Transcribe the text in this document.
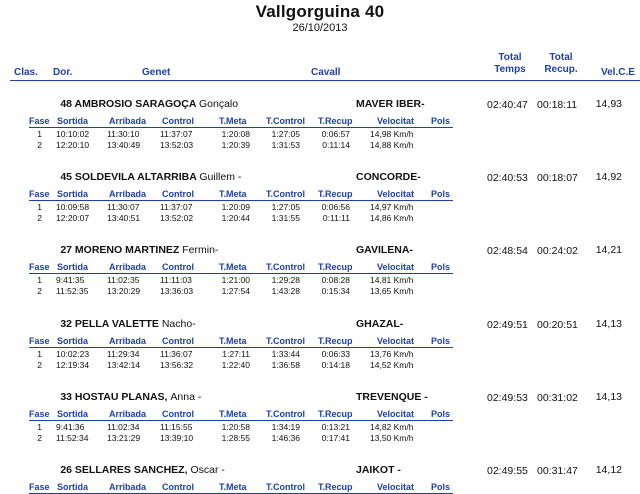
Vallgorguina 40
26/10/2013
Clas. Dor.	Genet	Cavall
Total
Temps
Total
Recup.	Vel.C.E
48 AMBROSIO SARAGOÇA Gonçalo	MAVER IBER-	02:40:47 00:18:11 14,93
Fase Sortida Arribada Control	T.Meta T.Control T.Recup	Velocitat Pols
1 10:10:02	11:30:10	11:37:07	1:20:08	1:27:05	0:06:57 14,98 Km/h
2 12:20:10	13:40:49	13:52:03	1:20:39	1:31:53	0:11:14 14,88 Km/h
45 SOLDEVILA ALTARRIBA Guillem -	CONCORDE-	02:40:53 00:18:07 14,92
Fase Sortida Arribada Control	T.Meta T.Control T.Recup	Velocitat Pols
1 10:09:58	11:30:07	11:37:07	1:20:09	1:27:05	0:06:56 14,97 Km/h
2 12:20:07	13:40:51	13:52:02	1:20:44	1:31:55	0:11:11 14,86 Km/h
27 MORENO MARTINEZ Fermin-	GAVILENA-	02:48:54 00:24:02 14,21
Fase Sortida Arribada Control	T.Meta T.Control T.Recup	Velocitat Pols
1 9:41:35	11:02:35	11:11:03	1:21:00	1:29:28	0:08:28 14,81 Km/h
2 11:52:35	13:20:29	13:36:03	1:27:54	1:43:28	0:15:34 13,65 Km/h
32 PELLA VALETTE Nacho-	GHAZAL-	02:49:51 00:20:51 14,13
Fase Sortida Arribada Control	T.Meta T.Control T.Recup	Velocitat Pols
1 10:02:23	11:29:34	11:36:07	1:27:11	1:33:44	0:06:33 13,76 Km/h
2 12:19:34	13:42:14	13:56:32	1:22:40	1:36:58	0:14:18 14,52 Km/h
33 HOSTAU PLANAS, Anna -	TREVENQUE -	02:49:53 00:31:02 14,13
Fase Sortida Arribada Control	T.Meta T.Control T.Recup	Velocitat Pols
1 9:41:36	11:02:34	11:15:55	1:20:58	1:34:19	0:13:21 14,82 Km/h
2 11:52:34	13:21:29	13:39:10	1:28:55	1:46:36	0:17:41 13,50 Km/h
26 SELLARES SANCHEZ, Oscar -	JAIKOT -	02:49:55 00:31:47 14,12
Fase Sortida Arribada Control	T.Meta T.Control T.Recup	Velocitat Pols
